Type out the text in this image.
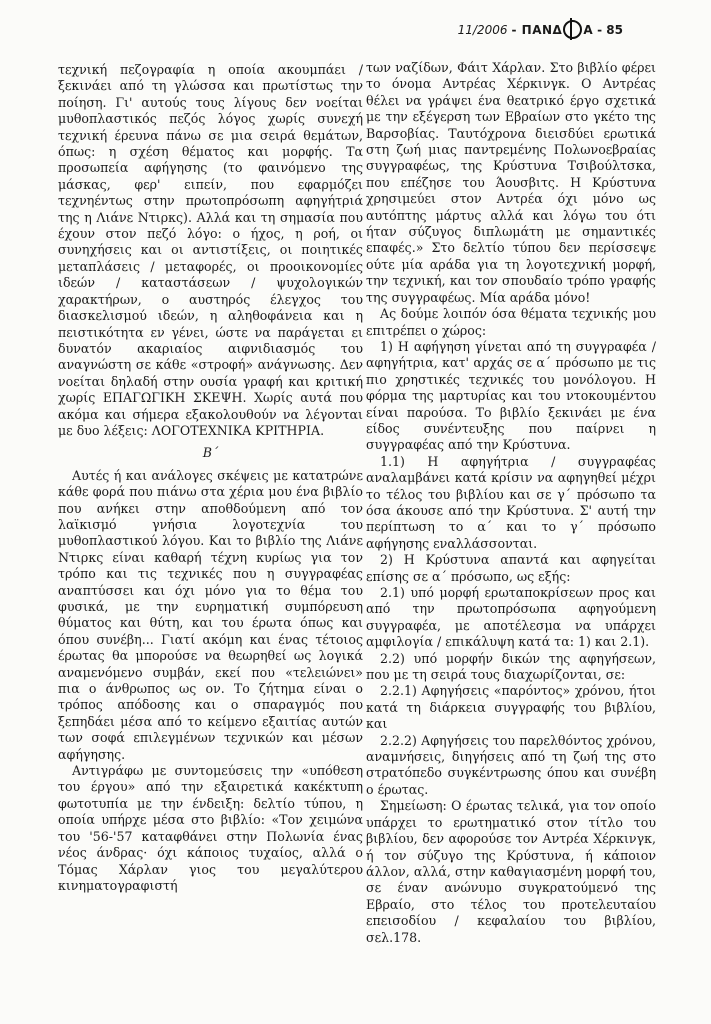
11/2006 - ΠΑΝΔ Α - 85

τεχνική πεζογραφία η οποία ακουμπάει / ξεκινάει από τη γλώσσα και πρωτίστως την ποίηση. Γι' αυτούς τους λίγους δεν νοείται μυθοπλαστικός πεζός λόγος χωρίς συνεχή τεχνική έρευνα πάνω σε μια σειρά θεμάτων, όπως: η σχέση θέματος και μορφής. Τα προσωπεία αφήγησης (το φαινόμενο της μάσκας, φερ' ειπείν, που εφαρμόζει τεχνηέντως στην πρωτοπρόσωπη αφηγήτριά της η Λιάνε Ντιρκς). Αλλά και τη σημασία που έχουν στον πεζό λόγο: ο ήχος, η ροή, οι συνηχήσεις και οι αντιστίξεις, οι ποιητικές μεταπλάσεις / μεταφορές, οι προοικονομίες ιδεών / καταστάσεων / ψυχολογικών χαρακτήρων, ο αυστηρός έλεγχος του διασκελισμού ιδεών, η αληθοφάνεια και η πειστικότητα εν γένει, ώστε να παράγεται ει δυνατόν ακαριαίος αιφνιδιασμός του αναγνώστη σε κάθε «στροφή» ανάγνωσης. Δεν νοείται δηλαδή στην ουσία γραφή και κριτική χωρίς ΕΠΑΓΩΓΙΚΗ ΣΚΕΨΗ. Χωρίς αυτά που ακόμα και σήμερα εξακολουθούν να λέγονται με δυο λέξεις: ΛΟΓΟΤΕΧΝΙΚΑ ΚΡΙΤΗΡΙΑ.

Β΄

Αυτές ή και ανάλογες σκέψεις με κατατρώνε κάθε φορά που πιάνω στα χέρια μου ένα βιβλίο που ανήκει στην αποθδούμενη από τον λαϊκισμό γνήσια λογοτεχνία του μυθοπλαστικού λόγου. Και το βιβλίο της Λιάνε Ντιρκς είναι καθαρή τέχνη κυρίως για τον τρόπο και τις τεχνικές που η συγγραφέας αναπτύσσει και όχι μόνο για το θέμα του φυσικά, με την ευρηματική συμπόρευση θύματος και θύτη, και του έρωτα όπως και όπου συνέβη... Γιατί ακόμη και ένας τέτοιος έρωτας θα μπορούσε να θεωρηθεί ως λογικά αναμενόμενο συμβάν, εκεί που «τελειώνει» πια ο άνθρωπος ως ον. Το ζήτημα είναι ο τρόπος απόδοσης και ο σπαραγμός που ξεπηδάει μέσα από το κείμενο εξαιτίας αυτών των σοφά επιλεγμένων τεχνικών και μέσων αφήγησης.

Αντιγράφω με συντομεύσεις την «υπόθεση του έργου» από την εξαιρετικά κακέκτυπη φωτοτυπία με την ένδειξη: δελτίο τύπου, η οποία υπήρχε μέσα στο βιβλίο: «Τον χειμώνα του '56-'57 καταφθάνει στην Πολωνία ένας νέος άνδρας· όχι κάποιος τυχαίος, αλλά ο Τόμας Χάρλαν γιος του μεγαλύτερου κινηματογραφιστή

των ναζίδων, Φάιτ Χάρλαν. Στο βιβλίο φέρει το όνομα Αντρέας Χέρκινγκ. Ο Αντρέας θέλει να γράψει ένα θεατρικό έργο σχετικά με την εξέγερση των Εβραίων στο γκέτο της Βαρσοβίας. Ταυτόχρονα διεισδύει ερωτικά στη ζωή μιας παντρεμένης Πολωνοεβραίας συγγραφέως, της Κρύστυνα Τσιβούλτσκα, που επέζησε του Άουσβιτς. Η Κρύστυνα χρησιμεύει στον Αντρέα όχι μόνο ως αυτόπτης μάρτυς αλλά και λόγω του ότι ήταν σύζυγος διπλωμάτη με σημαντικές επαφές.» Στο δελτίο τύπου δεν περίσσεψε ούτε μία αράδα για τη λογοτεχνική μορφή, την τεχνική, και τον σπουδαίο τρόπο γραφής της συγγραφέως. Μία αράδα μόνο!

Ας δούμε λοιπόν όσα θέματα τεχνικής μου επιτρέπει ο χώρος:

1) Η αφήγηση γίνεται από τη συγγραφέα / αφηγήτρια, κατ' αρχάς σε α΄ πρόσωπο με τις πιο χρηστικές τεχνικές του μονόλογου. Η φόρμα της μαρτυρίας και του ντοκουμέντου είναι παρούσα. Το βιβλίο ξεκινάει με ένα είδος συνέντευξης που παίρνει η συγγραφέας από την Κρύστυνα.

1.1) Η αφηγήτρια / συγγραφέας αναλαμβάνει κατά κρίσιν να αφηγηθεί μέχρι το τέλος του βιβλίου και σε γ΄ πρόσωπο τα όσα άκουσε από την Κρύστυνα. Σ' αυτή την περίπτωση το α΄ και το γ΄ πρόσωπο αφήγησης εναλλάσσονται.

2) Η Κρύστυνα απαντά και αφηγείται επίσης σε α΄ πρόσωπο, ως εξής:

2.1) υπό μορφή ερωταποκρίσεων προς και από την πρωτοπρόσωπα αφηγούμενη συγγραφέα, με αποτέλεσμα να υπάρχει αμφιλογία / επικάλυψη κατά τα: 1) και 2.1).

2.2) υπό μορφήν δικών της αφηγήσεων, που με τη σειρά τους διαχωρίζονται, σε:

2.2.1) Αφηγήσεις «παρόντος» χρόνου, ήτοι κατά τη διάρκεια συγγραφής του βιβλίου, και

2.2.2) Αφηγήσεις του παρελθόντος χρόνου, αναμνήσεις, διηγήσεις από τη ζωή της στο στρατόπεδο συγκέντρωσης όπου και συνέβη ο έρωτας.

Σημείωση: Ο έρωτας τελικά, για τον οποίο υπάρχει το ερωτηματικό στον τίτλο του βιβλίου, δεν αφορούσε τον Αντρέα Χέρκινγκ, ή τον σύζυγο της Κρύστυνα, ή κάποιον άλλον, αλλά, στην καθαγιασμένη μορφή του, σε έναν ανώνυμο συγκρατούμενό της Εβραίο, στο τέλος του προτελευταίου επεισοδίου / κεφαλαίου του βιβλίου, σελ.178.
